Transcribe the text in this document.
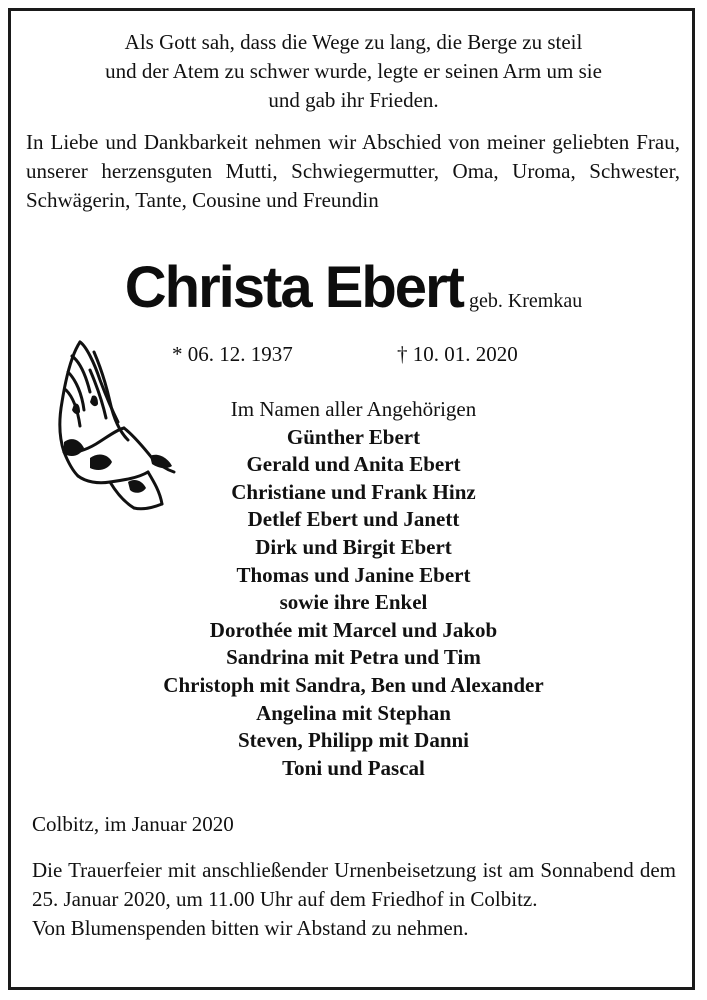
Als Gott sah, dass die Wege zu lang, die Berge zu steil
und der Atem zu schwer wurde, legte er seinen Arm um sie
und gab ihr Frieden.

In Liebe und Dankbarkeit nehmen wir Abschied von meiner geliebten Frau, unserer herzensguten Mutti, Schwiegermutter, Oma, Uroma, Schwester, Schwägerin, Tante, Cousine und Freundin

Christa Ebert geb. Kremkau
* 06. 12. 1937	† 10. 01. 2020

Im Namen aller Angehörigen
Günther Ebert
Gerald und Anita Ebert
Christiane und Frank Hinz
Detlef Ebert und Janett
Dirk und Birgit Ebert
Thomas und Janine Ebert
sowie ihre Enkel
Dorothée mit Marcel und Jakob
Sandrina mit Petra und Tim
Christoph mit Sandra, Ben und Alexander
Angelina mit Stephan
Steven, Philipp mit Danni
Toni und Pascal

Colbitz, im Januar 2020

Die Trauerfeier mit anschließender Urnenbeisetzung ist am Sonnabend dem 25. Januar 2020, um 11.00 Uhr auf dem Friedhof in Colbitz.
Von Blumenspenden bitten wir Abstand zu nehmen.
